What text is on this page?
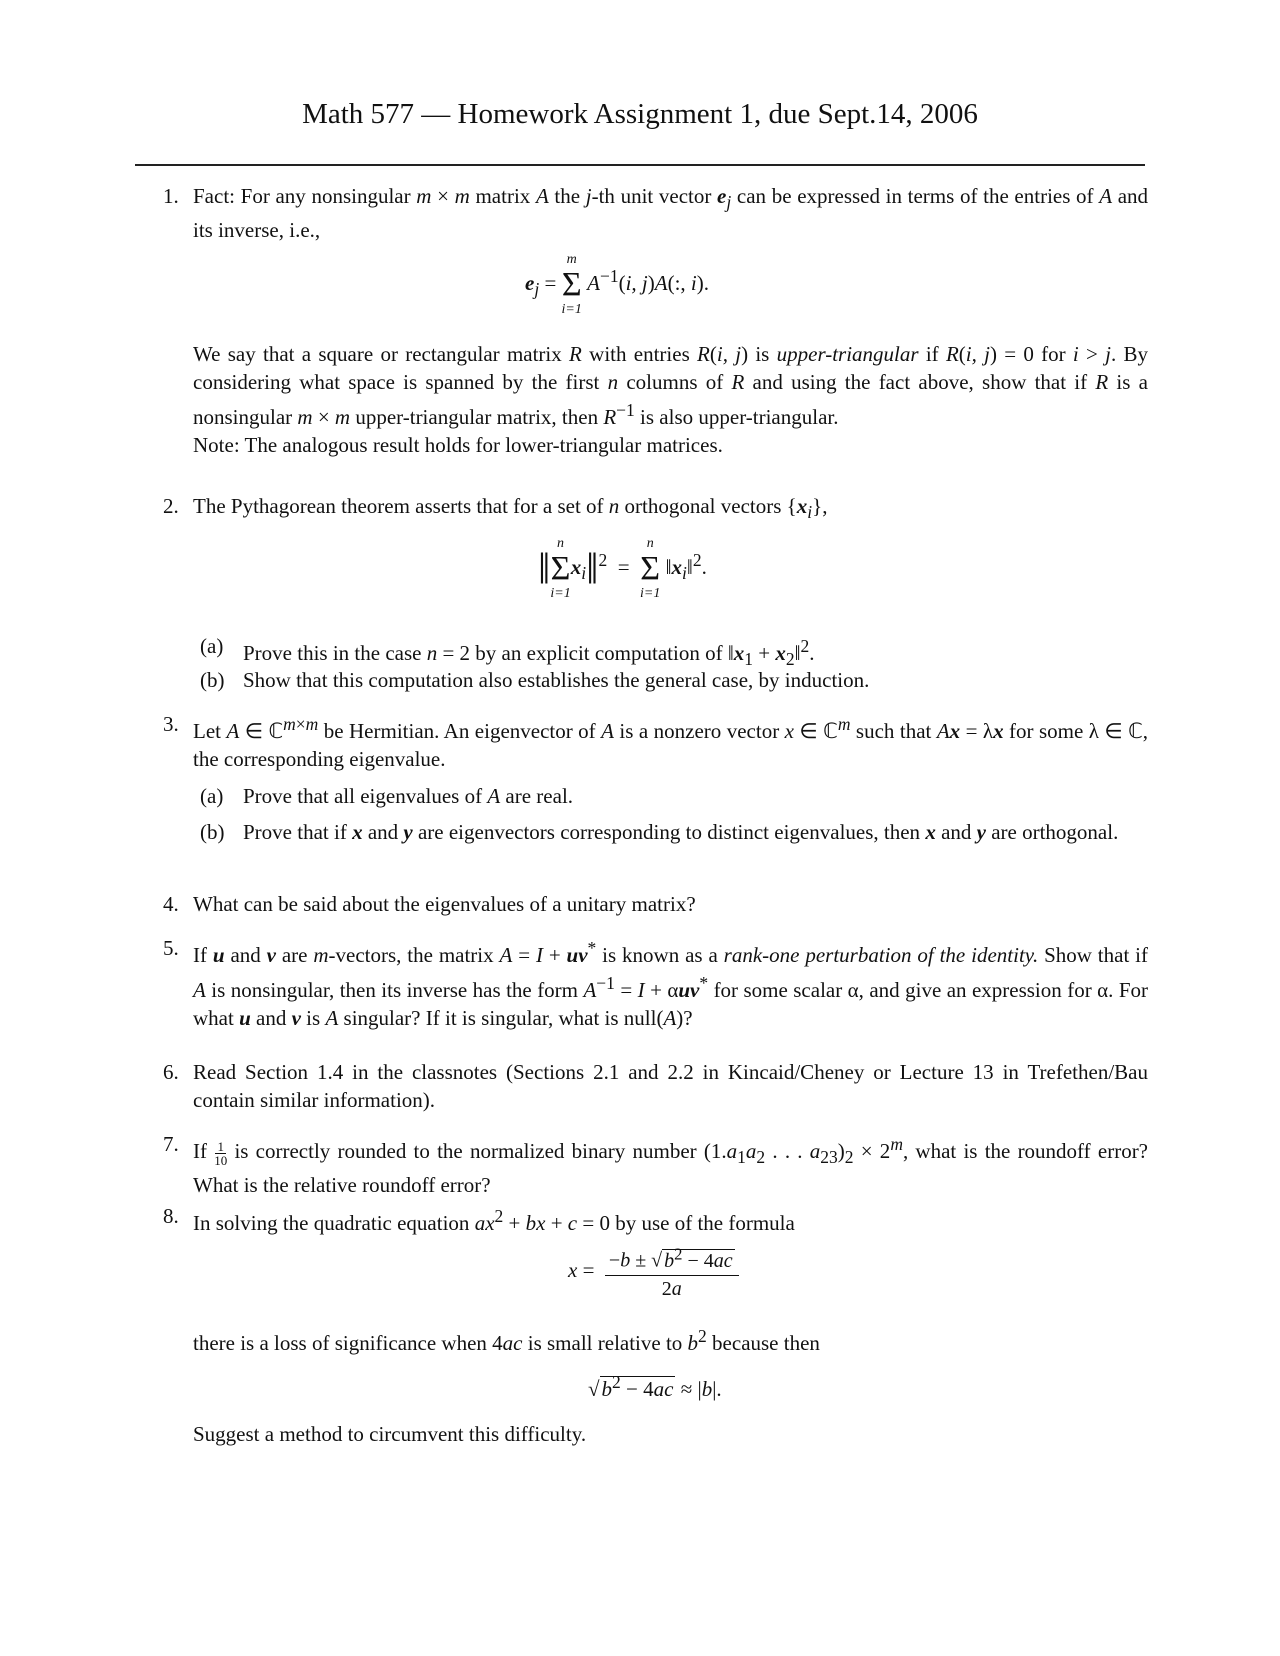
Math 577 — Homework Assignment 1, due Sept.14, 2006
1. Fact: For any nonsingular m × m matrix A the j-th unit vector $e_j$ can be expressed in terms of the entries of A and its inverse, i.e.,
$e_j$ =
m
Σ
i=1
$A^{-1}(i$, j)A(:, i).
We say that a square or rectangular matrix R with entries R(i, j) is upper-triangular if R(i, j) = 0 for i > j. By considering what space is spanned by the first n columns of R and using the fact above, show that if R is a nonsingular m × m upper-triangular matrix, then $R^{-1}$ is also upper-triangular.
Note: The analogous result holds for lower-triangular matrices.
2. The Pythagorean theorem asserts that for a set of n orthogonal vectors $\{x_i\}$,
‖
n
Σ
i=1
$x_i‖^2$  =
n
Σ
i=1
$‖x_i‖^2$.
(a) Prove this in the case n = 2 by an explicit computation of $‖x_1$ + $x_2‖^2$.
(b) Show that this computation also establishes the general case, by induction.
3. Let A ∈ ℂ$^{m\times m}$ be Hermitian. An eigenvector of A is a nonzero vector x ∈ ℂ$^m$ such that Ax = λx for some λ ∈ ℂ, the corresponding eigenvalue.
(a) Prove that all eigenvalues of A are real.
(b) Prove that if x and y are eigenvectors corresponding to distinct eigenvalues, then x and y are orthogonal.
4. What can be said about the eigenvalues of a unitary matrix?
5. If u and v are m-vectors, the matrix A = I + uv* is known as a rank-one perturbation of the identity. Show that if A is nonsingular, then its inverse has the form $A^{-1} = I + \alpha uv^*$ for some scalar α, and give an expression for α. For what u and v is A singular? If it is singular, what is null(A)?
6. Read Section 1.4 in the classnotes (Sections 2.1 and 2.2 in Kincaid/Cheney or Lecture 13 in Trefethen/Bau contain similar information).
7. If $\frac{1}{10}$ is correctly rounded to the normalized binary number ($1.a_1a_2$ . . . $a_{23})_2 \times 2^m$, what is the roundoff error? What is the relative roundoff error?
8. In solving the quadratic equation $ax^2$ + bx + c = 0 by use of the formula
$x = \frac{-b \pm √ b^2 - 4ac}{2a}$
there is a loss of significance when 4ac is small relative to $b^2$ because then
$√b^2 - 4ac \approx |b|$.
Suggest a method to circumvent this difficulty.
